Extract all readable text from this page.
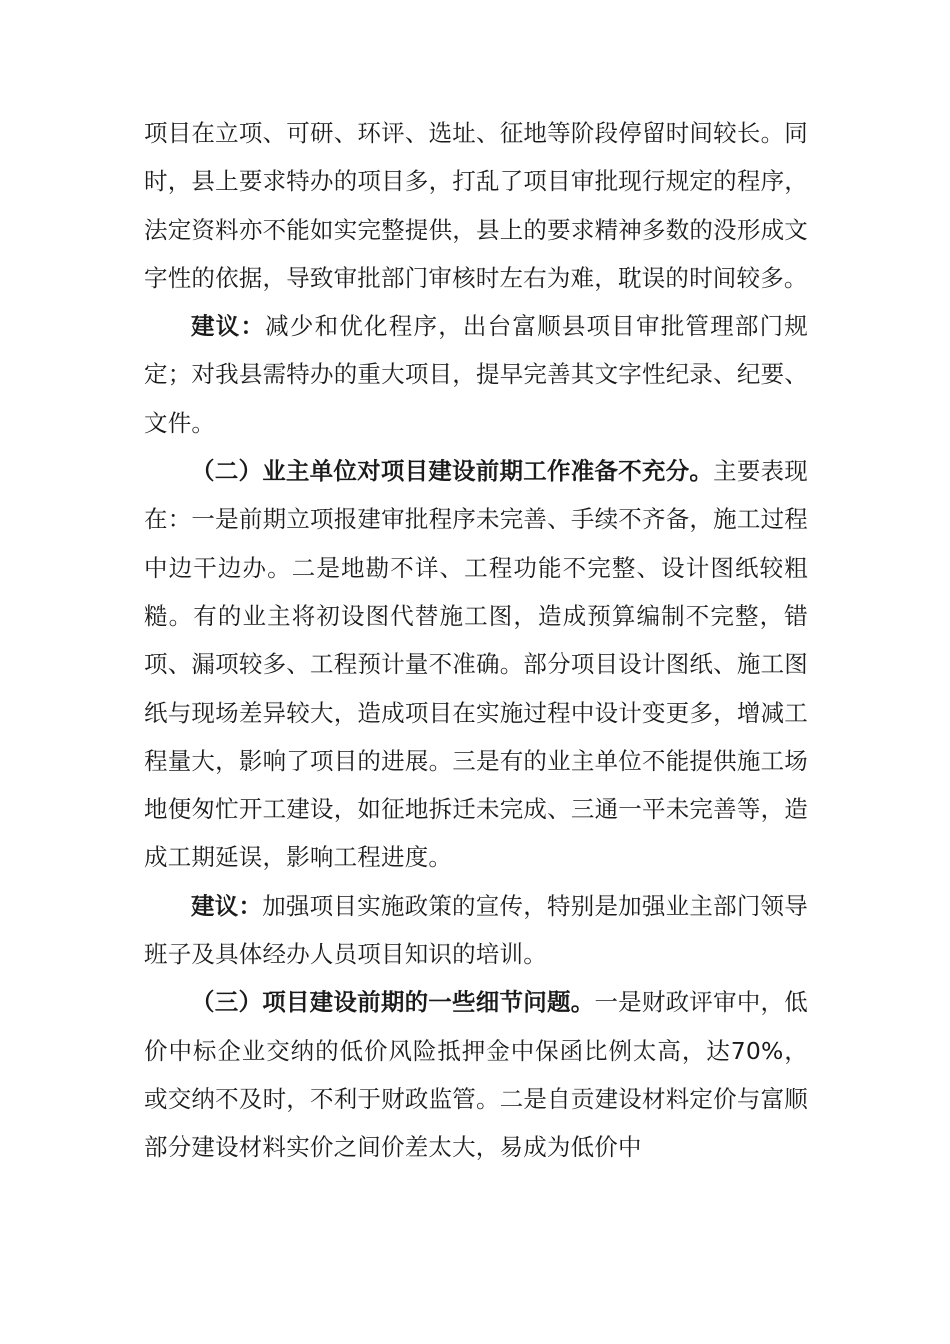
项目在立项、可研、环评、选址、征地等阶段停留时间较长。同时，县上要求特办的项目多，打乱了项目审批现行规定的程序，法定资料亦不能如实完整提供，县上的要求精神多数的没形成文字性的依据，导致审批部门审核时左右为难，耽误的时间较多。

建议：减少和优化程序，出台富顺县项目审批管理部门规定；对我县需特办的重大项目，提早完善其文字性纪录、纪要、文件。

（二）业主单位对项目建设前期工作准备不充分。主要表现在：一是前期立项报建审批程序未完善、手续不齐备，施工过程中边干边办。二是地勘不详、工程功能不完整、设计图纸较粗糙。有的业主将初设图代替施工图，造成预算编制不完整，错项、漏项较多、工程预计量不准确。部分项目设计图纸、施工图纸与现场差异较大，造成项目在实施过程中设计变更多，增减工程量大，影响了项目的进展。三是有的业主单位不能提供施工场地便匆忙开工建设，如征地拆迁未完成、三通一平未完善等，造成工期延误，影响工程进度。

建议：加强项目实施政策的宣传，特别是加强业主部门领导班子及具体经办人员项目知识的培训。

（三）项目建设前期的一些细节问题。一是财政评审中，低价中标企业交纳的低价风险抵押金中保函比例太高，达70%，或交纳不及时，不利于财政监管。二是自贡建设材料定价与富顺部分建设材料实价之间价差太大，易成为低价中
